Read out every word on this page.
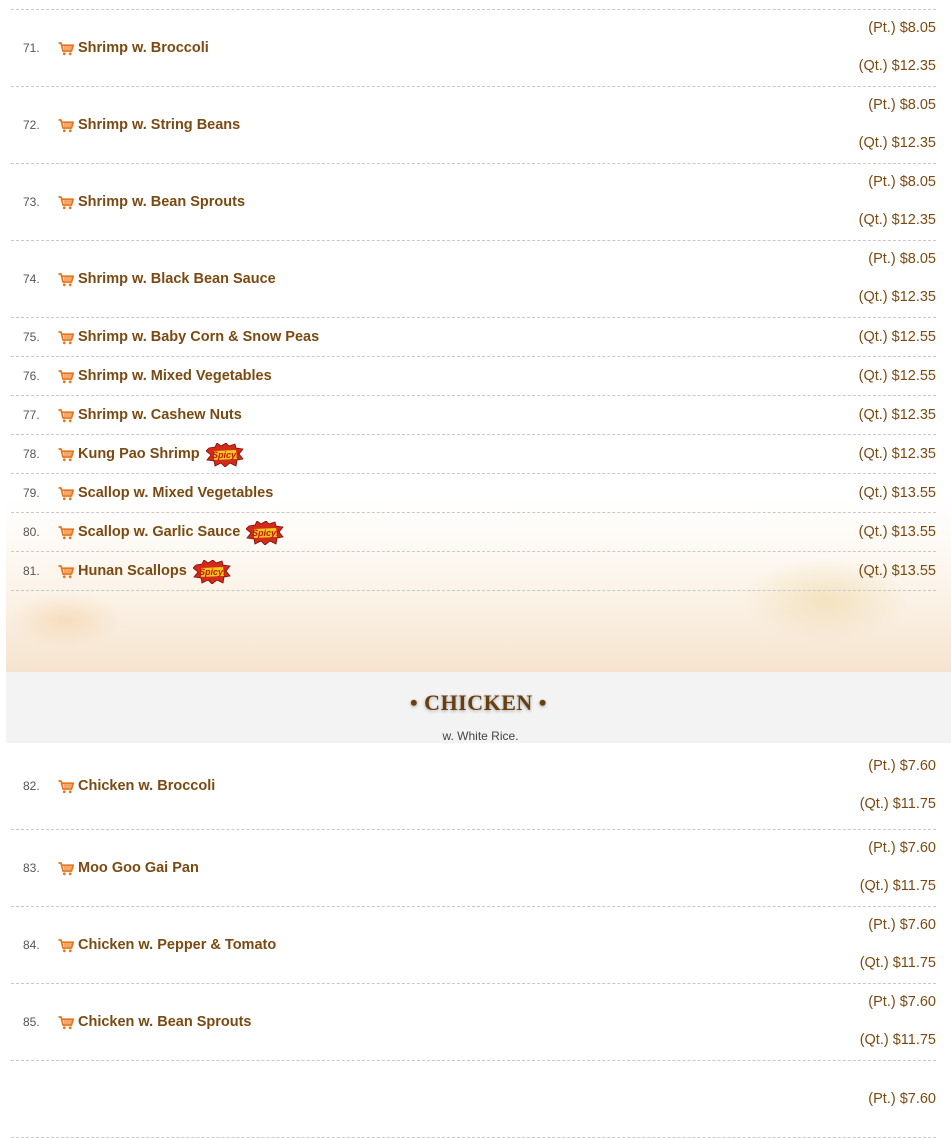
71.	Shrimp w. Broccoli
(Pt.) $8.05
(Qt.) $12.35
72.	Shrimp w. String Beans
(Pt.) $8.05
(Qt.) $12.35
73.	Shrimp w. Bean Sprouts
(Pt.) $8.05
(Qt.) $12.35
74.	Shrimp w. Black Bean Sauce
(Pt.) $8.05
(Qt.) $12.35
75.	Shrimp w. Baby Corn & Snow Peas	(Qt.) $12.55
76.	Shrimp w. Mixed Vegetables	(Qt.) $12.55
77.	Shrimp w. Cashew Nuts	(Qt.) $12.35
78.	Kung Pao Shrimp Spicy!	(Qt.) $12.35
79.	Scallop w. Mixed Vegetables	(Qt.) $13.55
80.	Scallop w. Garlic Sauce Spicy!	(Qt.) $13.55
81.	Hunan Scallops Spicy!	(Qt.) $13.55
• CHICKEN •
w. White Rice.
82.	Chicken w. Broccoli
(Pt.) $7.60
(Qt.) $11.75
83.	Moo Goo Gai Pan
(Pt.) $7.60
(Qt.) $11.75
84.	Chicken w. Pepper & Tomato
(Pt.) $7.60
(Qt.) $11.75
85.	Chicken w. Bean Sprouts
(Pt.) $7.60
(Qt.) $11.75
(Pt.) $7.60
